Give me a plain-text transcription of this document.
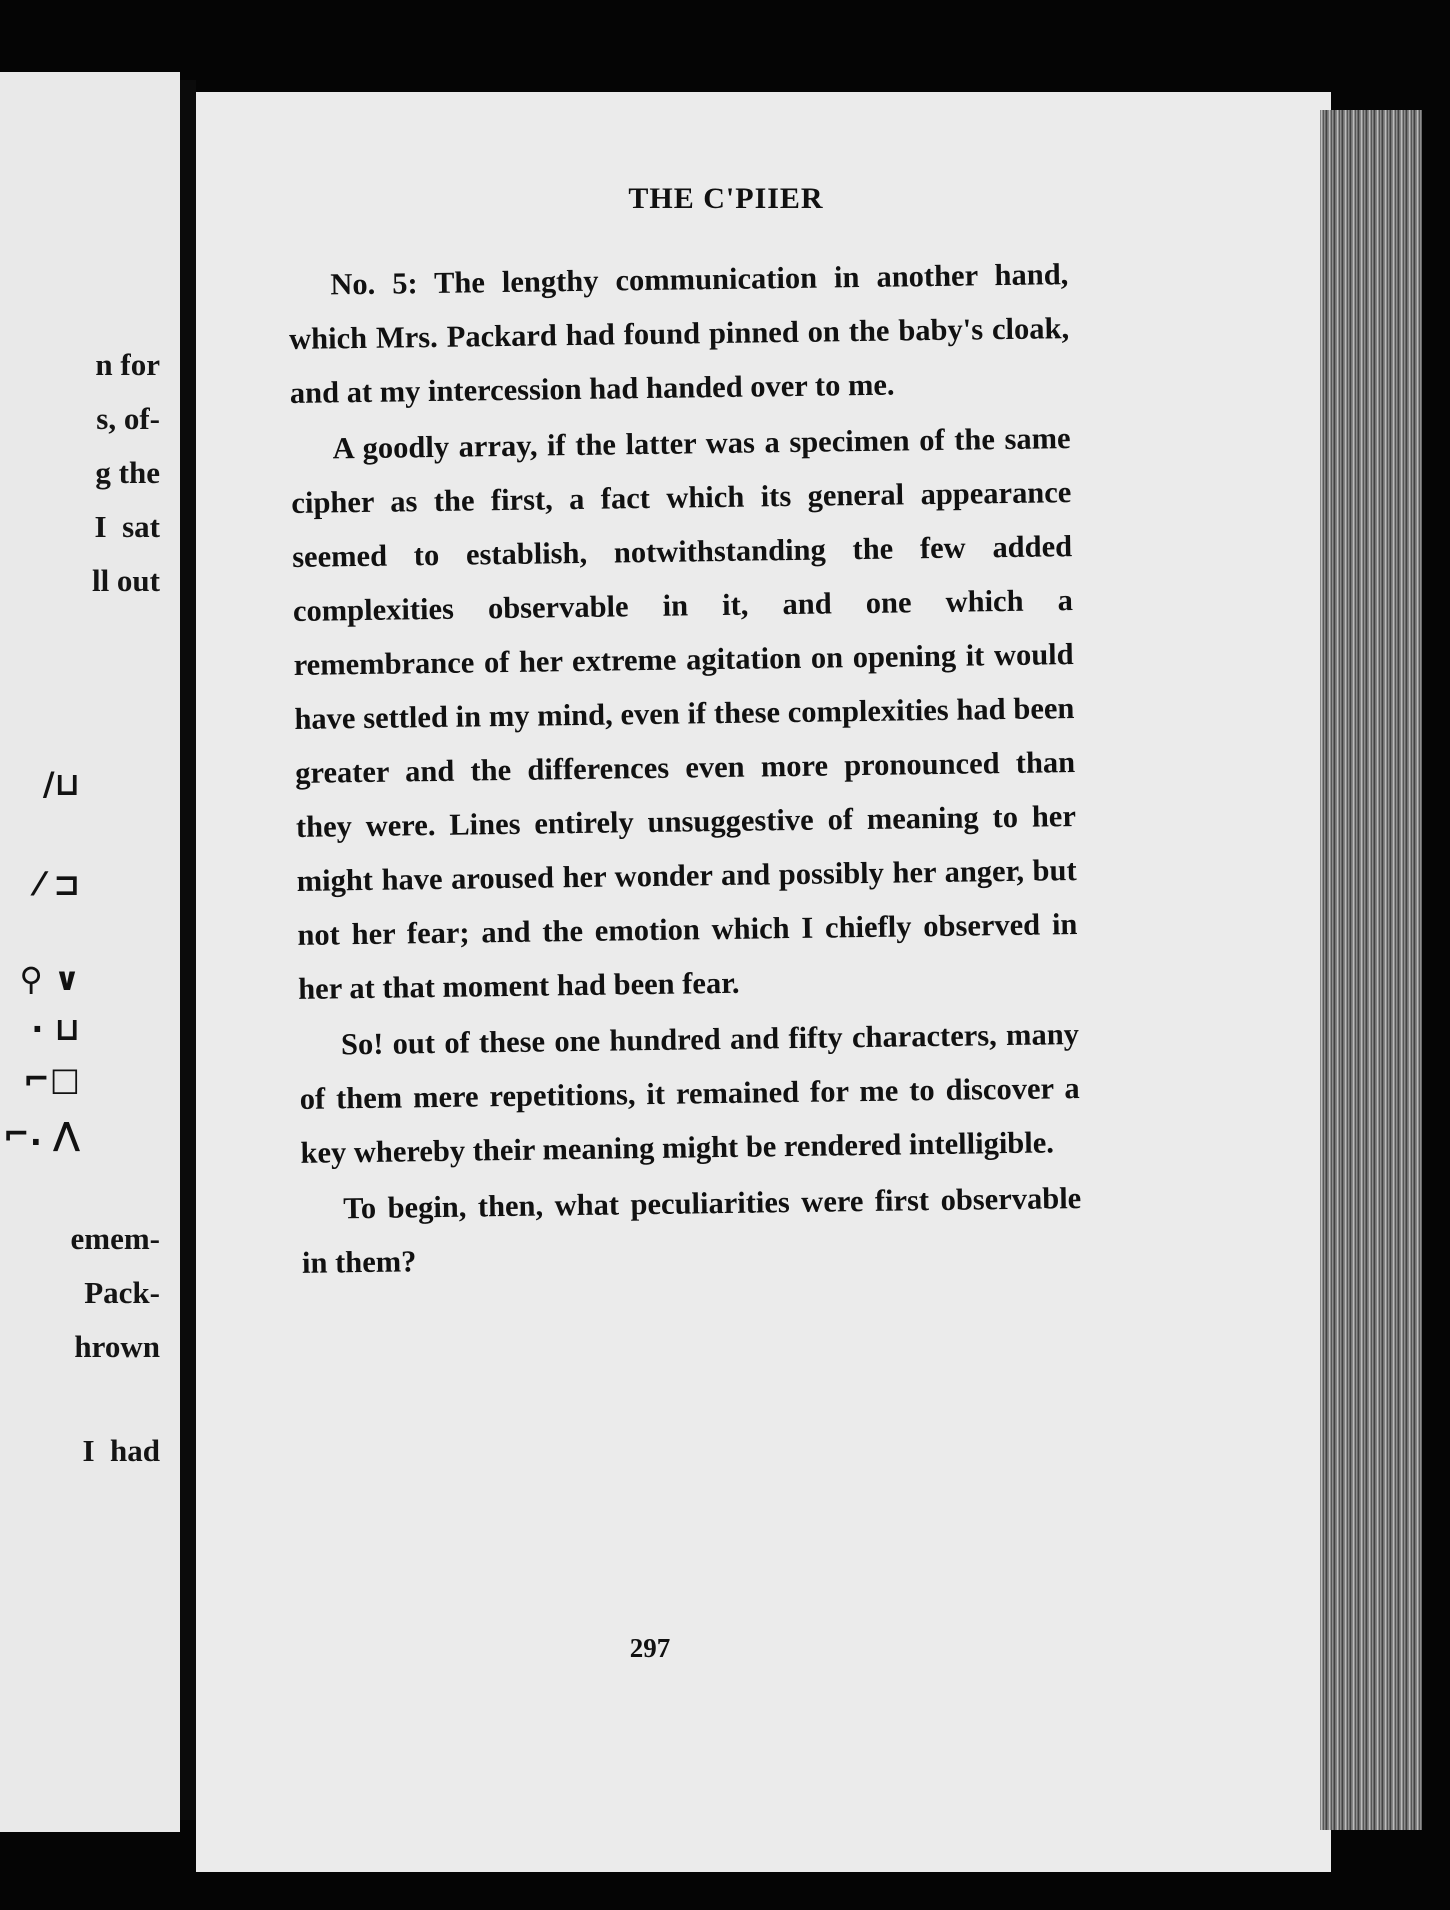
n for
s, of-
g the
I  sat
ll out
/⊔
⁄ ⊐
⚲ ∨
· ⊔
⌐□
⌐. ⋀
emem-
Pack-
hrown
I  had
THE C'PIIER

No. 5: The lengthy communication in another hand, which Mrs. Packard had found pinned on the baby's cloak, and at my intercession had handed over to me.

A goodly array, if the latter was a specimen of the same cipher as the first, a fact which its general appearance seemed to establish, notwithstanding the few added complexities observable in it, and one which a remembrance of her extreme agitation on opening it would have settled in my mind, even if these complexities had been greater and the differences even more pronounced than they were. Lines entirely unsuggestive of meaning to her might have aroused her wonder and possibly her anger, but not her fear; and the emotion which I chiefly observed in her at that moment had been fear.

So! out of these one hundred and fifty characters, many of them mere repetitions, it remained for me to discover a key whereby their meaning might be rendered intelligible.

To begin, then, what peculiarities were first observable in them?

297
